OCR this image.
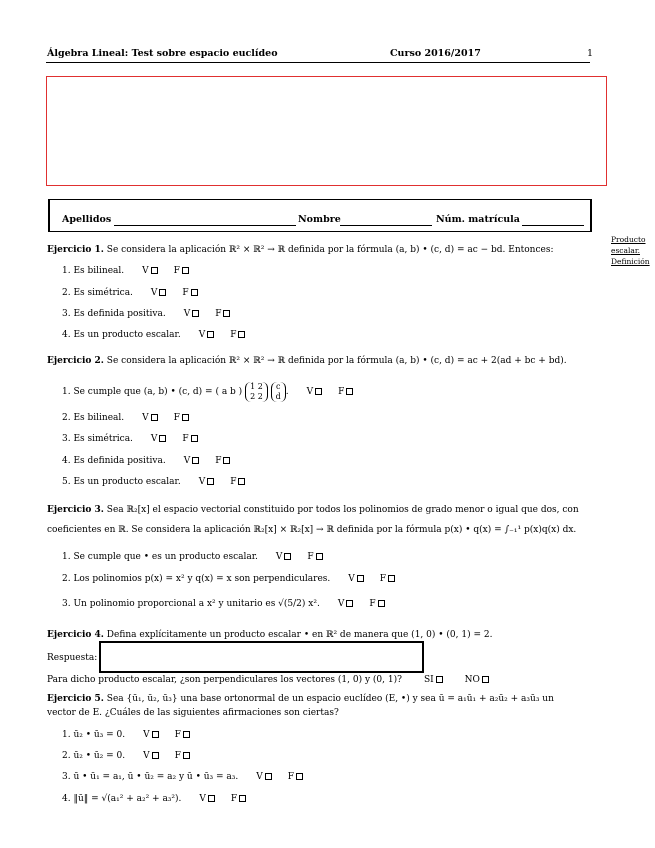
Álgebra Lineal: Test sobre espacio euclídeo	Curso 2016/2017	1
Apellidos	Nombre	Núm. matrícula
Producto
escalar.
Definición
Ejercicio 1. Se considera la aplicación ℝ² × ℝ² → ℝ definida por la fórmula (a, b) • (c, d) = ac − bd. Entonces:
1. Es bilineal. V	F
2. Es simétrica. V	F
3. Es definida positiva. V	F
4. Es un producto escalar. V	F
Ejercicio 2. Se considera la aplicación ℝ² × ℝ² → ℝ definida por la fórmula (a, b) • (c, d) = ac + 2(ad + bc + bd).
1. Se cumple que (a, b) • (c, d) = ( a b ) 1 2
2 2 c
d . V	F
2. Es bilineal. V	F
3. Es simétrica. V	F
4. Es definida positiva. V	F
5. Es un producto escalar. V	F
Ejercicio 3. Sea ℝ₂[x] el espacio vectorial constituido por todos los polinomios de grado menor o igual que dos, con
coeficientes en ℝ. Se considera la aplicación ℝ₂[x] × ℝ₂[x] → ℝ definida por la fórmula p(x) • q(x) = ∫₋₁¹ p(x)q(x) dx.
1. Se cumple que • es un producto escalar. V	F
2. Los polinomios p(x) = x² y q(x) = x son perpendiculares. V	F
3. Un polinomio proporcional a x² y unitario es √(5/2) x². V	F
Ejercicio 4. Defina explícitamente un producto escalar • en ℝ² de manera que (1, 0) • (0, 1) = 2.
Respuesta:
Para dicho producto escalar, ¿son perpendiculares los vectores (1, 0) y (0, 1)? SI	NO
Ejercicio 5. Sea {ū₁, ū₂, ū₃} una base ortonormal de un espacio euclídeo (E, •) y sea ū = a₁ū₁ + a₂ū₂ + a₃ū₃ un
vector de E. ¿Cuáles de las siguientes afirmaciones son ciertas?
1. ū₂ • ū₃ = 0. V	F
2. ū₂ • ū₂ = 0. V	F
3. ū • ū₁ = a₁, ū • ū₂ = a₂ y ū • ū₃ = a₃. V	F
4. ‖ū‖ = √(a₁² + a₂² + a₃²). V	F
